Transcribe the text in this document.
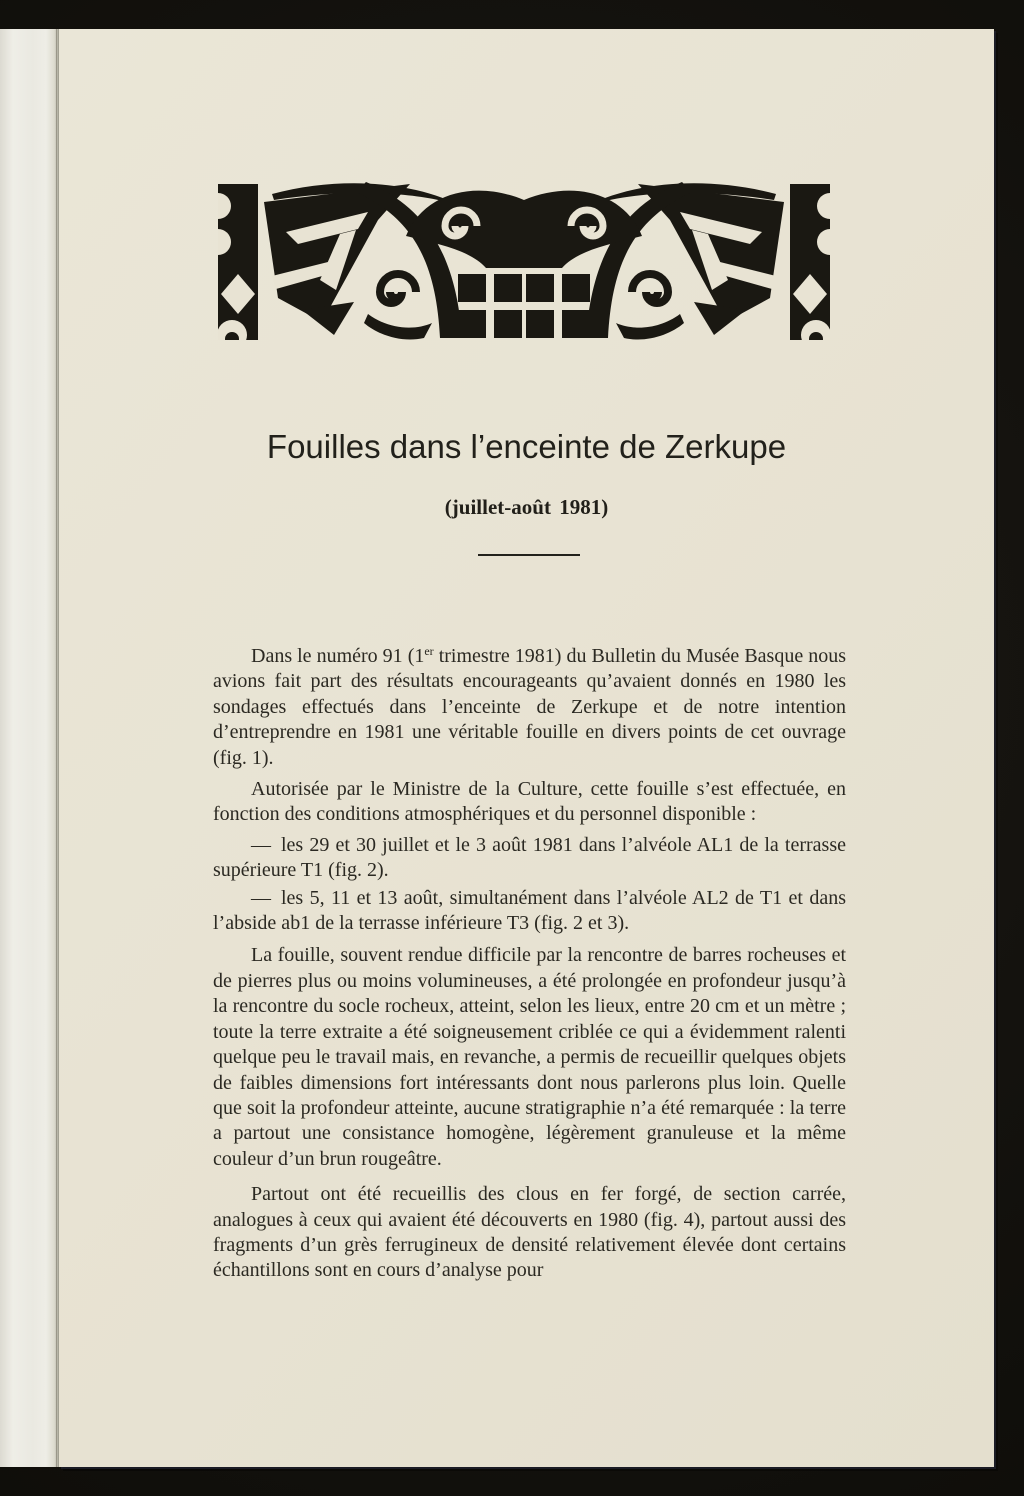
Fouilles dans l’enceinte de Zerkupe
(juillet-août 1981)

Dans le numéro 91 (1er trimestre 1981) du Bulletin du Musée Basque nous avions fait part des résultats encourageants qu’avaient donnés en 1980 les sondages effectués dans l’enceinte de Zerkupe et de notre intention d’entreprendre en 1981 une véritable fouille en divers points de cet ouvrage (fig. 1).

Autorisée par le Ministre de la Culture, cette fouille s’est effectuée, en fonction des conditions atmosphériques et du personnel disponible :

— les 29 et 30 juillet et le 3 août 1981 dans l’alvéole AL1 de la terrasse supérieure T1 (fig. 2).

— les 5, 11 et 13 août, simultanément dans l’alvéole AL2 de T1 et dans l’abside ab1 de la terrasse inférieure T3 (fig. 2 et 3).

La fouille, souvent rendue difficile par la rencontre de barres rocheuses et de pierres plus ou moins volumineuses, a été prolongée en profondeur jusqu’à la rencontre du socle rocheux, atteint, selon les lieux, entre 20 cm et un mètre ; toute la terre extraite a été soigneusement criblée ce qui a évidemment ralenti quelque peu le travail mais, en revanche, a permis de recueillir quelques objets de faibles dimensions fort intéressants dont nous parlerons plus loin. Quelle que soit la profondeur atteinte, aucune stratigraphie n’a été remarquée : la terre a partout une consistance homogène, légèrement granuleuse et la même couleur d’un brun rougeâtre.

Partout ont été recueillis des clous en fer forgé, de section carrée, analogues à ceux qui avaient été découverts en 1980 (fig. 4), partout aussi des fragments d’un grès ferrugineux de densité relativement élevée dont certains échantillons sont en cours d’analyse pour
